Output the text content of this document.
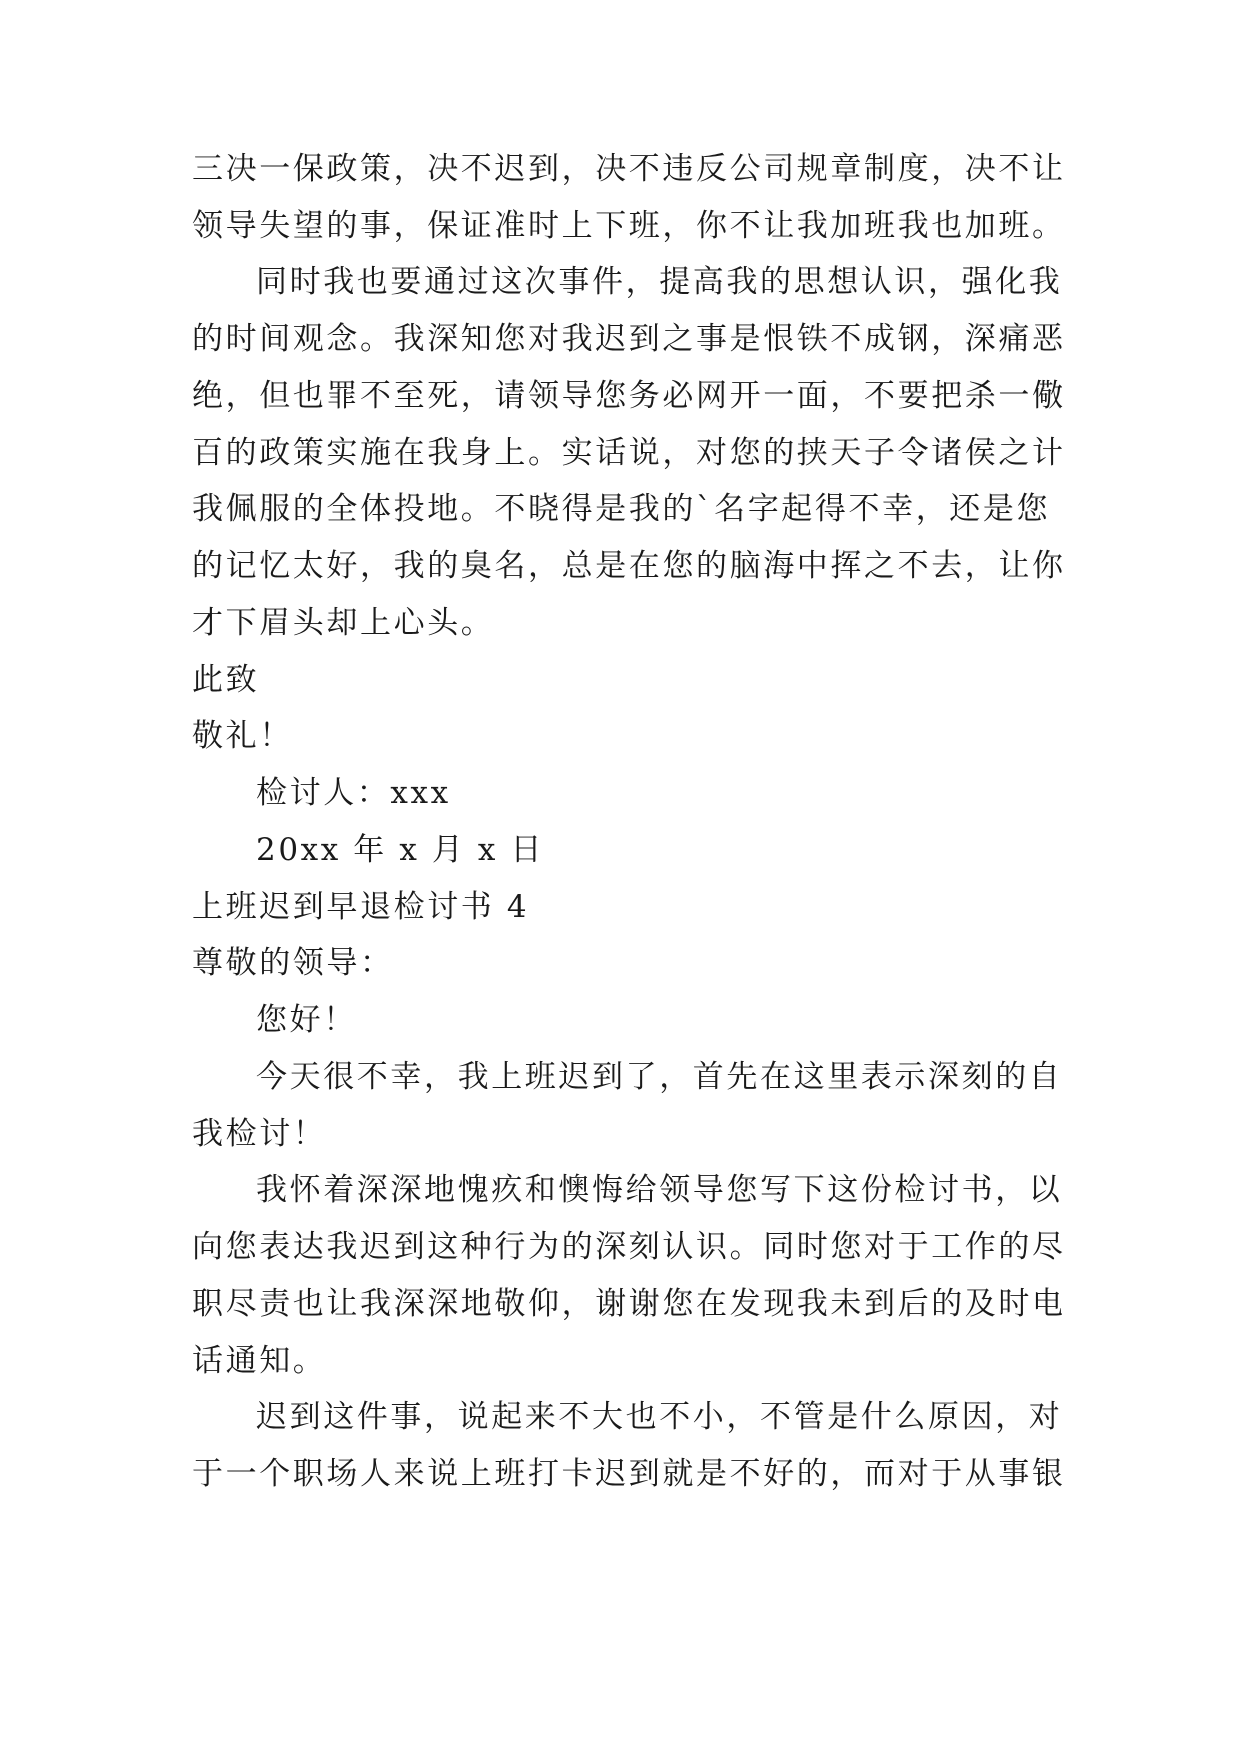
三决一保政策，决不迟到，决不违反公司规章制度，决不让
领导失望的事，保证准时上下班，你不让我加班我也加班。
同时我也要通过这次事件，提高我的思想认识，强化我
的时间观念。我深知您对我迟到之事是恨铁不成钢，深痛恶
绝，但也罪不至死，请领导您务必网开一面，不要把杀一儆
百的政策实施在我身上。实话说，对您的挟天子令诸侯之计
我佩服的全体投地。不晓得是我的`名字起得不幸，还是您
的记忆太好，我的臭名，总是在您的脑海中挥之不去，让你
才下眉头却上心头。
此致
敬礼！
检讨人：xxx
20xx 年 x 月 x 日
上班迟到早退检讨书 4
尊敬的领导：
您好！
今天很不幸，我上班迟到了，首先在这里表示深刻的自
我检讨！
我怀着深深地愧疚和懊悔给领导您写下这份检讨书，以
向您表达我迟到这种行为的深刻认识。同时您对于工作的尽
职尽责也让我深深地敬仰，谢谢您在发现我未到后的及时电
话通知。
迟到这件事，说起来不大也不小，不管是什么原因，对
于一个职场人来说上班打卡迟到就是不好的，而对于从事银
